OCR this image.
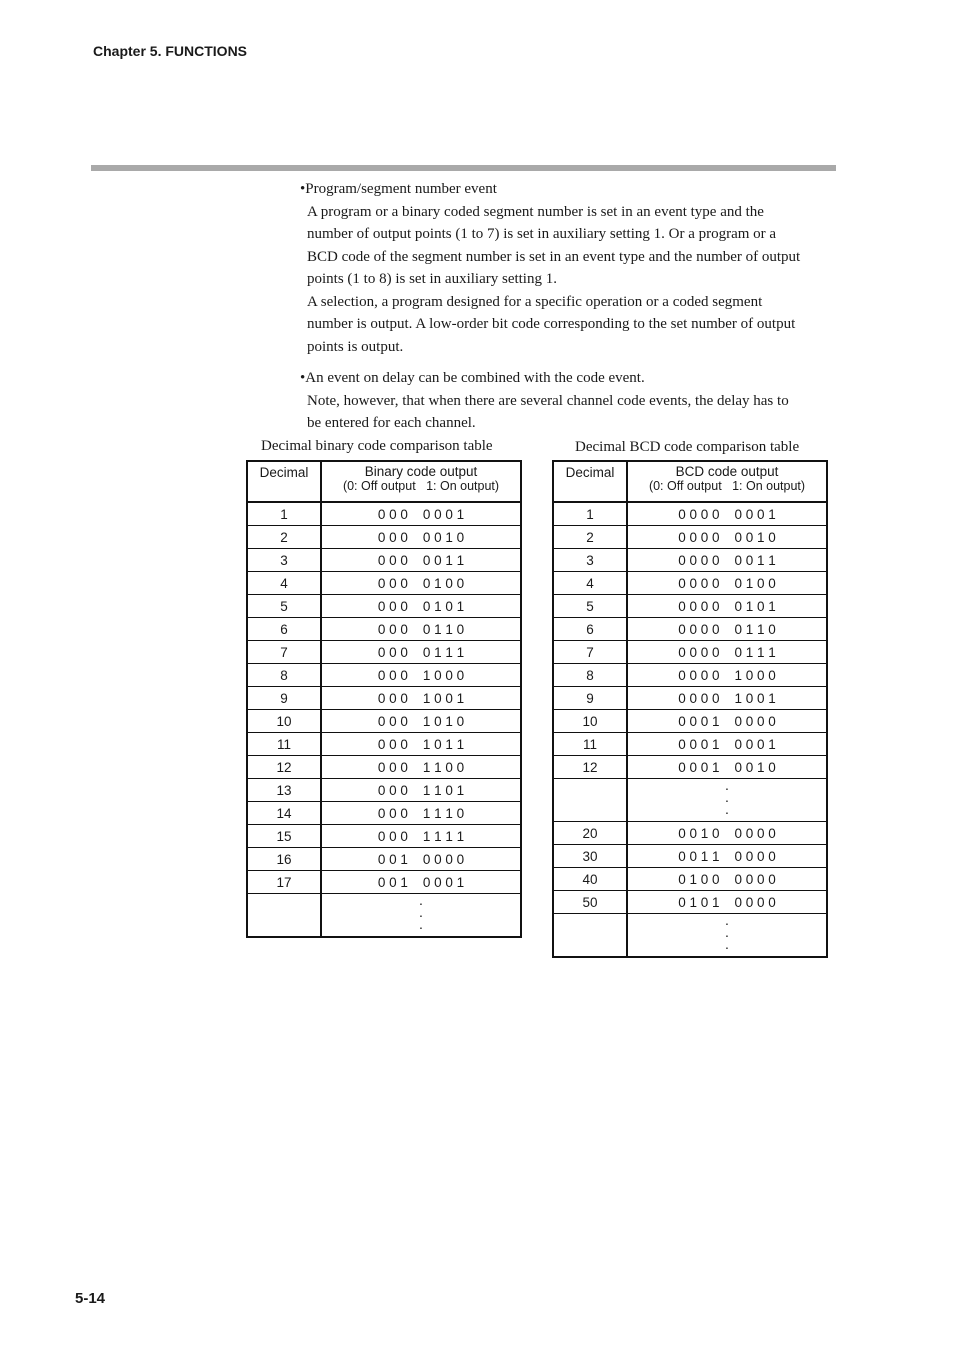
Chapter 5. FUNCTIONS

•Program/segment number event

A program or a binary coded segment number is set in an event type and the

number of output points (1 to 7) is set in auxiliary setting 1. Or a program or a

BCD code of the segment number is set in an event type and the number of output

points (1 to 8) is set in auxiliary setting 1.

A selection, a program designed for a specific operation or a coded segment

number is output. A low-order bit code corresponding to the set number of output

points is output.

•An event on delay can be combined with the code event.

Note, however, that when there are several channel code events, the delay has to

be entered for each channel.

Decimal binary code comparison table	Decimal BCD code comparison table
Decimal	Binary code output
(0: Off output   1: On output)
1	0 0 0    0 0 0 1
2	0 0 0    0 0 1 0
3	0 0 0    0 0 1 1
4	0 0 0    0 1 0 0
5	0 0 0    0 1 0 1
6	0 0 0    0 1 1 0
7	0 0 0    0 1 1 1
8	0 0 0    1 0 0 0
9	0 0 0    1 0 0 1
10	0 0 0    1 0 1 0
11	0 0 0    1 0 1 1
12	0 0 0    1 1 0 0
13	0 0 0    1 1 0 1
14	0 0 0    1 1 1 0
15	0 0 0    1 1 1 1
16	0 0 1    0 0 0 0
17	0 0 1    0 0 0 1
·
·
·
Decimal	BCD code output
(0: Off output   1: On output)
1	0 0 0 0    0 0 0 1
2	0 0 0 0    0 0 1 0
3	0 0 0 0    0 0 1 1
4	0 0 0 0    0 1 0 0
5	0 0 0 0    0 1 0 1
6	0 0 0 0    0 1 1 0
7	0 0 0 0    0 1 1 1
8	0 0 0 0    1 0 0 0
9	0 0 0 0    1 0 0 1
10	0 0 0 1    0 0 0 0
11	0 0 0 1    0 0 0 1
12	0 0 0 1    0 0 1 0
·
·
·
20	0 0 1 0    0 0 0 0
30	0 0 1 1    0 0 0 0
40	0 1 0 0    0 0 0 0
50	0 1 0 1    0 0 0 0
·
·
·
5-14
